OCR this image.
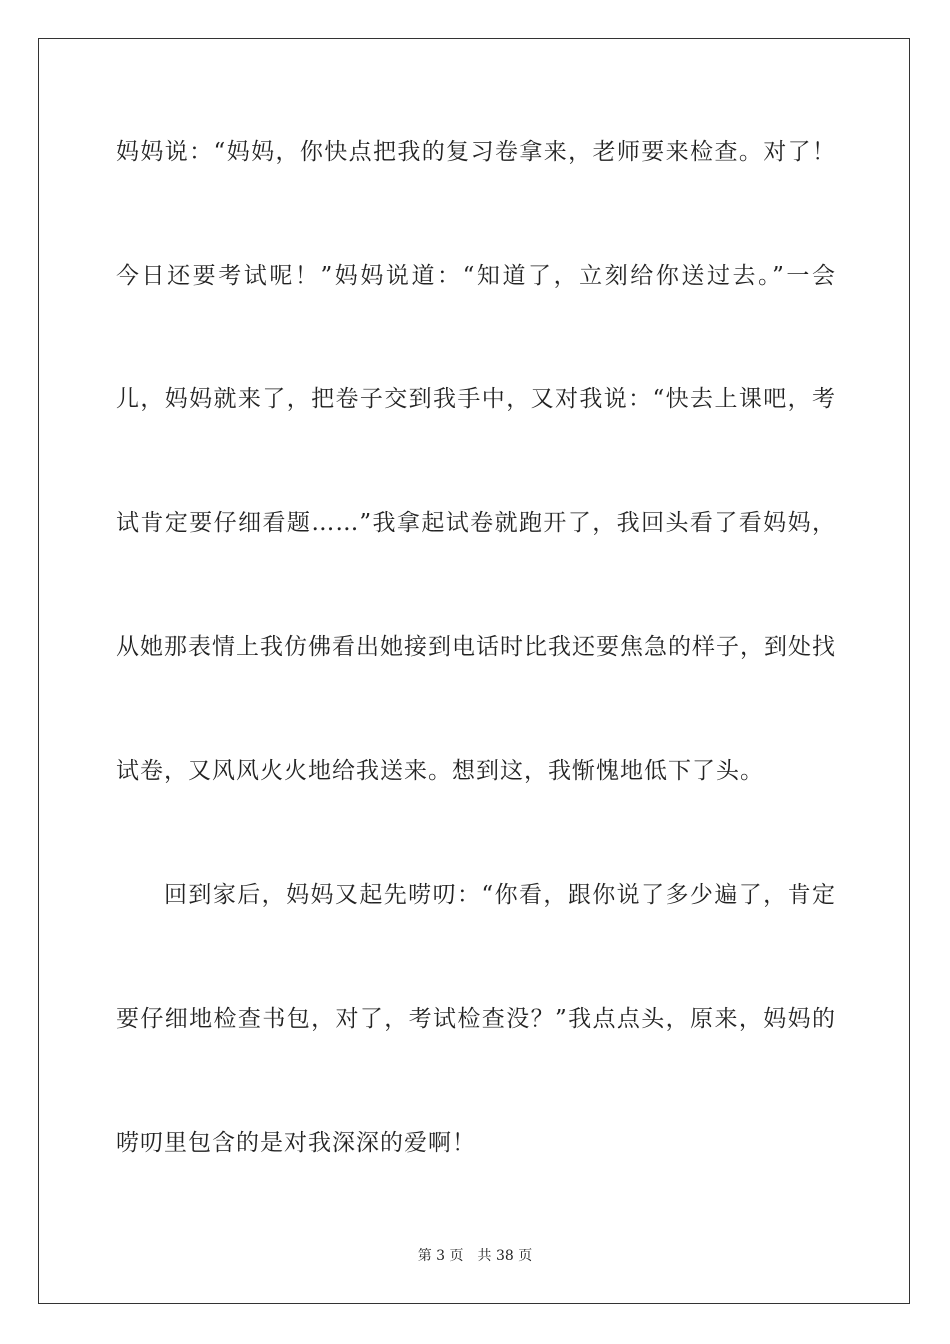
妈妈说：“妈妈，你快点把我的复习卷拿来，老师要来检查。对了！
今日还要考试呢！”妈妈说道：“知道了，立刻给你送过去。”一会
儿，妈妈就来了，把卷子交到我手中，又对我说：“快去上课吧，考
试肯定要仔细看题……”我拿起试卷就跑开了，我回头看了看妈妈，
从她那表情上我仿佛看出她接到电话时比我还要焦急的样子，到处找
试卷，又风风火火地给我送来。想到这，我惭愧地低下了头。
回到家后，妈妈又起先唠叨：“你看，跟你说了多少遍了，肯定
要仔细地检查书包，对了，考试检查没？”我点点头，原来，妈妈的
唠叨里包含的是对我深深的爱啊！
第 3 页 共 38 页
